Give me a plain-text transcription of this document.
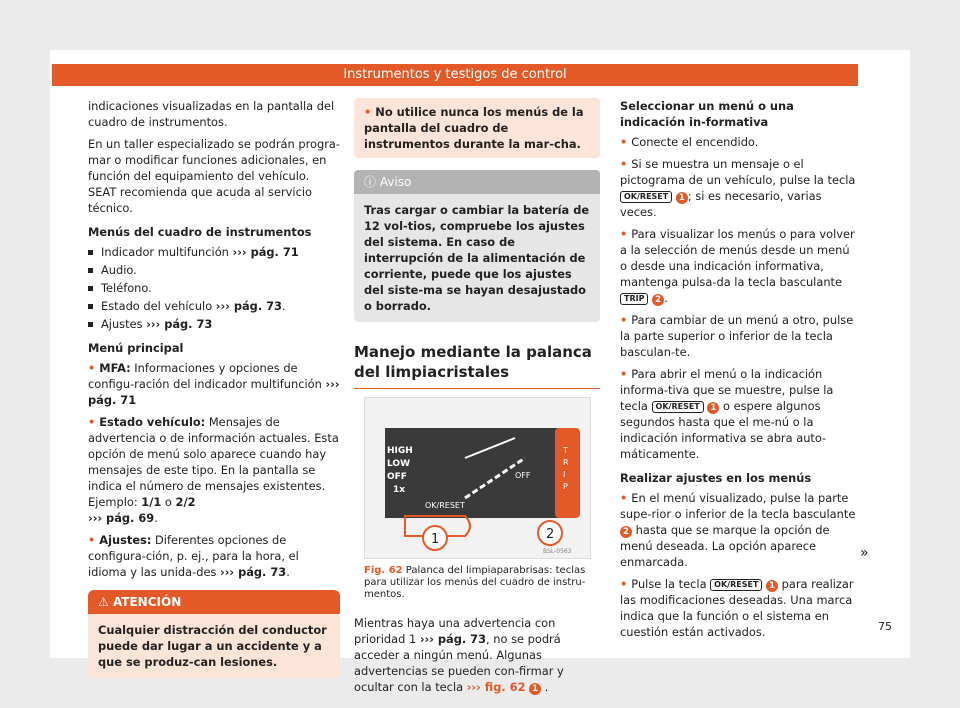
Instrumentos y testigos de control

indicaciones visualizadas en la pantalla del cuadro de instrumentos.

En un taller especializado se podrán progra-mar o modificar funciones adicionales, en función del equipamiento del vehículo. SEAT recomienda que acuda al servicio técnico.

Menús del cuadro de instrumentos
Indicador multifunción ››› pág. 71
Audio.
Teléfono.
Estado del vehículo ››› pág. 73.
Ajustes ››› pág. 73
Menú principal

• MFA: Informaciones y opciones de configu-ración del indicador multifunción ››› pág. 71

• Estado vehículo: Mensajes de advertencia o de información actuales. Esta opción de menú solo aparece cuando hay mensajes de este tipo. En la pantalla se indica el número de mensajes existentes. Ejemplo: 1/1 o 2/2
››› pág. 69.

• Ajustes: Diferentes opciones de configura-ción, p. ej., para la hora, el idioma y las unida-des ››› pág. 73.

⚠ ATENCIÓN
Cualquier distracción del conductor puede dar lugar a un accidente y a que se produz-can lesiones.
• No utilice nunca los menús de la pantalla del cuadro de instrumentos durante la mar-cha.
ⓘ Aviso
Tras cargar o cambiar la batería de 12 vol-tios, compruebe los ajustes del sistema. En caso de interrupción de la alimentación de corriente, puede que los ajustes del siste-ma se hayan desajustado o borrado.
Manejo mediante la palanca del limpiacristales
HIGH
LOW
OFF
1x
OK/RESET
OFF
T
R
I
P
1	2
BSL-0563
Fig. 62 Palanca del limpiaparabrisas: teclas para utilizar los menús del cuadro de instru-mentos.

Mientras haya una advertencia con prioridad 1 ››› pág. 73, no se podrá acceder a ningún menú. Algunas advertencias se pueden con-firmar y ocultar con la tecla ››› fig. 62 1 .

Seleccionar un menú o una indicación in-formativa

• Conecte el encendido.

• Si se muestra un mensaje o el pictograma de un vehículo, pulse la tecla OK/RESET 1 ; si es necesario, varias veces.

• Para visualizar los menús o para volver a la selección de menús desde un menú o desde una indicación informativa, mantenga pulsa-da la tecla basculante TRIP 2 .

• Para cambiar de un menú a otro, pulse la parte superior o inferior de la tecla basculan-te.

• Para abrir el menú o la indicación informa-tiva que se muestre, pulse la tecla OK/RESET 1 o espere algunos segundos hasta que el me-nú o la indicación informativa se abra auto-máticamente.

Realizar ajustes en los menús

• En el menú visualizado, pulse la parte supe-rior o inferior de la tecla basculante 2 hasta que se marque la opción de menú deseada. La opción aparece enmarcada.

• Pulse la tecla OK/RESET 1 para realizar las modificaciones deseadas. Una marca indica que la función o el sistema en cuestión están activados.

»
75
